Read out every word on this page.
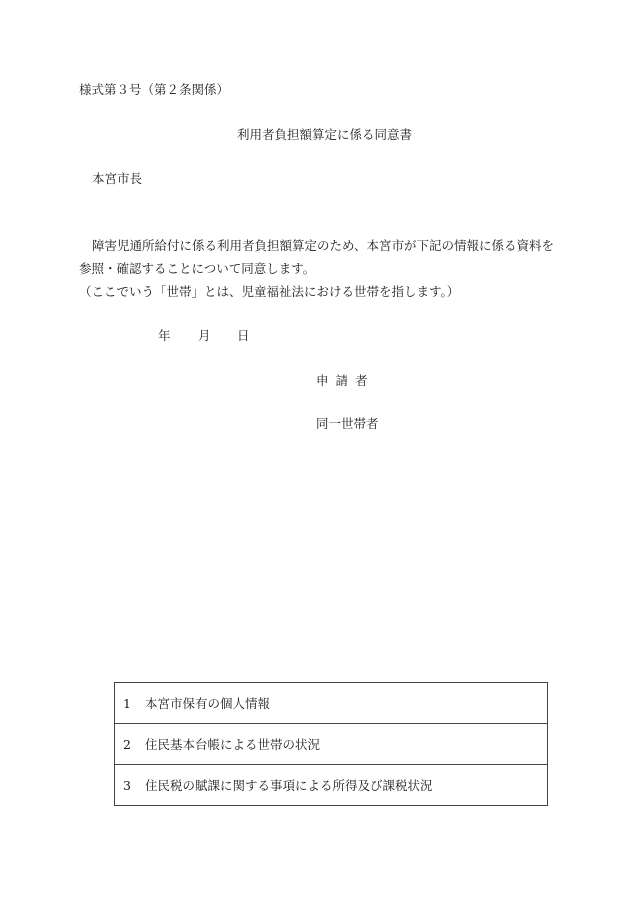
様式第３号（第２条関係）
利用者負担額算定に係る同意書
本宮市長
障害児通所給付に係る利用者負担額算定のため、本宮市が下記の情報に係る資料を
参照・確認することについて同意します。
（ここでいう「世帯」とは、児童福祉法における世帯を指します。）
年 月 日
申請者
同一世帯者
1 本宮市保有の個人情報
2 住民基本台帳による世帯の状況
3 住民税の賦課に関する事項による所得及び課税状況
